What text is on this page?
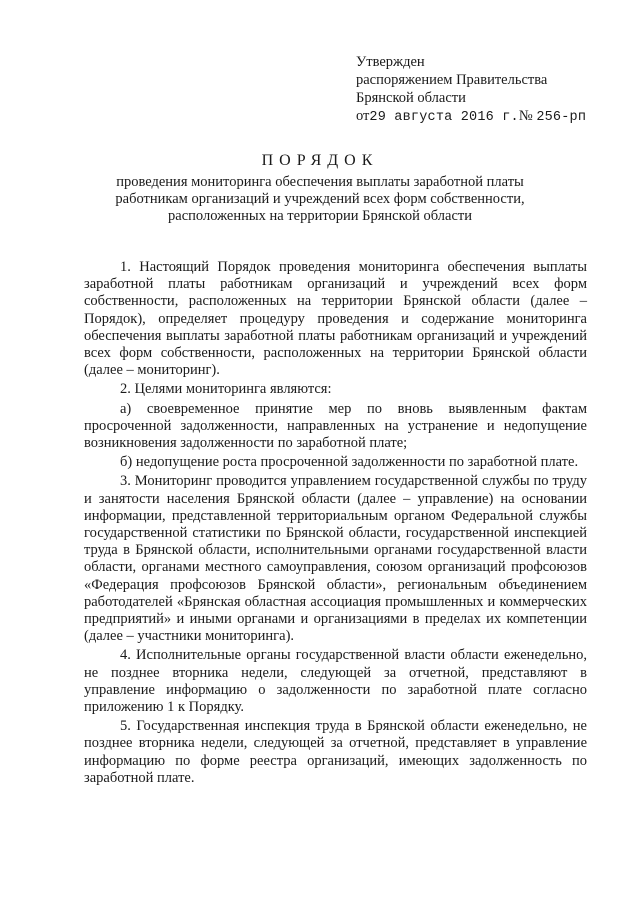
Утвержден
распоряжением Правительства
Брянской области
от29 августа 2016 г.№ 256-рп
ПОРЯДОК
проведения мониторинга обеспечения выплаты заработной платы
работникам организаций и учреждений всех форм собственности,
расположенных на территории Брянской области

1. Настоящий Порядок проведения мониторинга обеспечения выплаты заработной платы работникам организаций и учреждений всех форм собственности, расположенных на территории Брянской области (далее – Порядок), определяет процедуру проведения и содержание мониторинга обеспечения выплаты заработной платы работникам организаций и учреждений всех форм собственности, расположенных на территории Брянской области (далее – мониторинг).

2. Целями мониторинга являются:

а) своевременное принятие мер по вновь выявленным фактам просроченной задолженности, направленных на устранение и недопущение возникновения задолженности по заработной плате;

б) недопущение роста просроченной задолженности по заработной плате.

3. Мониторинг проводится управлением государственной службы по труду и занятости населения Брянской области (далее – управление) на основании информации, представленной территориальным органом Федеральной службы государственной статистики по Брянской области, государственной инспекцией труда в Брянской области, исполнительными органами государственной власти области, органами местного самоуправления, союзом организаций профсоюзов «Федерация профсоюзов Брянской области», региональным объединением работодателей «Брянская областная ассоциация промышленных и коммерческих предприятий» и иными органами и организациями в пределах их компетенции (далее – участники мониторинга).

4. Исполнительные органы государственной власти области еженедельно, не позднее вторника недели, следующей за отчетной, представляют в управление информацию о задолженности по заработной плате согласно приложению 1 к Порядку.

5. Государственная инспекция труда в Брянской области еженедельно, не позднее вторника недели, следующей за отчетной, представляет в управление информацию по форме реестра организаций, имеющих задолженность по заработной плате.
